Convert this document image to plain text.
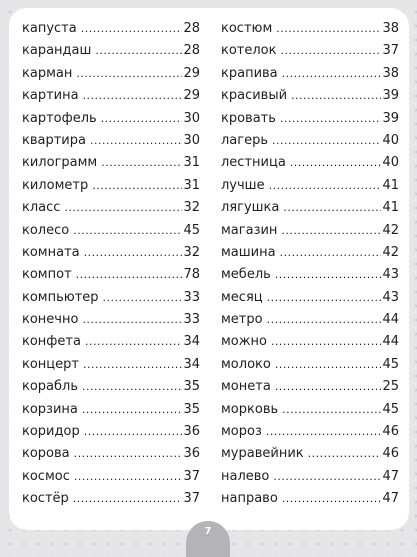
капуста .....	28
карандаш .....	28
карман .....	29
картина .....	29
картофель .....	30
квартира .....	30
килограмм .....	31
километр .....	31
класс .....	32
колесо .....	45
комната .....	32
компот .....	78
компьютер .....	33
конечно .....	33
конфета .....	34
концерт .....	34
корабль .....	35
корзина .....	35
коридор .....	36
корова .....	36
космос .....	37
костёр .....	37
костюм .....	38
котелок .....	37
крапива .....	38
красивый .....	39
кровать .....	39
лагерь .....	40
лестница .....	40
лучше .....	41
лягушка .....	41
магазин .....	42
машина .....	42
мебель .....	43
месяц .....	43
метро .....	44
можно .....	44
молоко .....	45
монета .....	25
морковь .....	45
мороз .....	46
муравейник .....	46
налево .....	47
направо .....	47
7
